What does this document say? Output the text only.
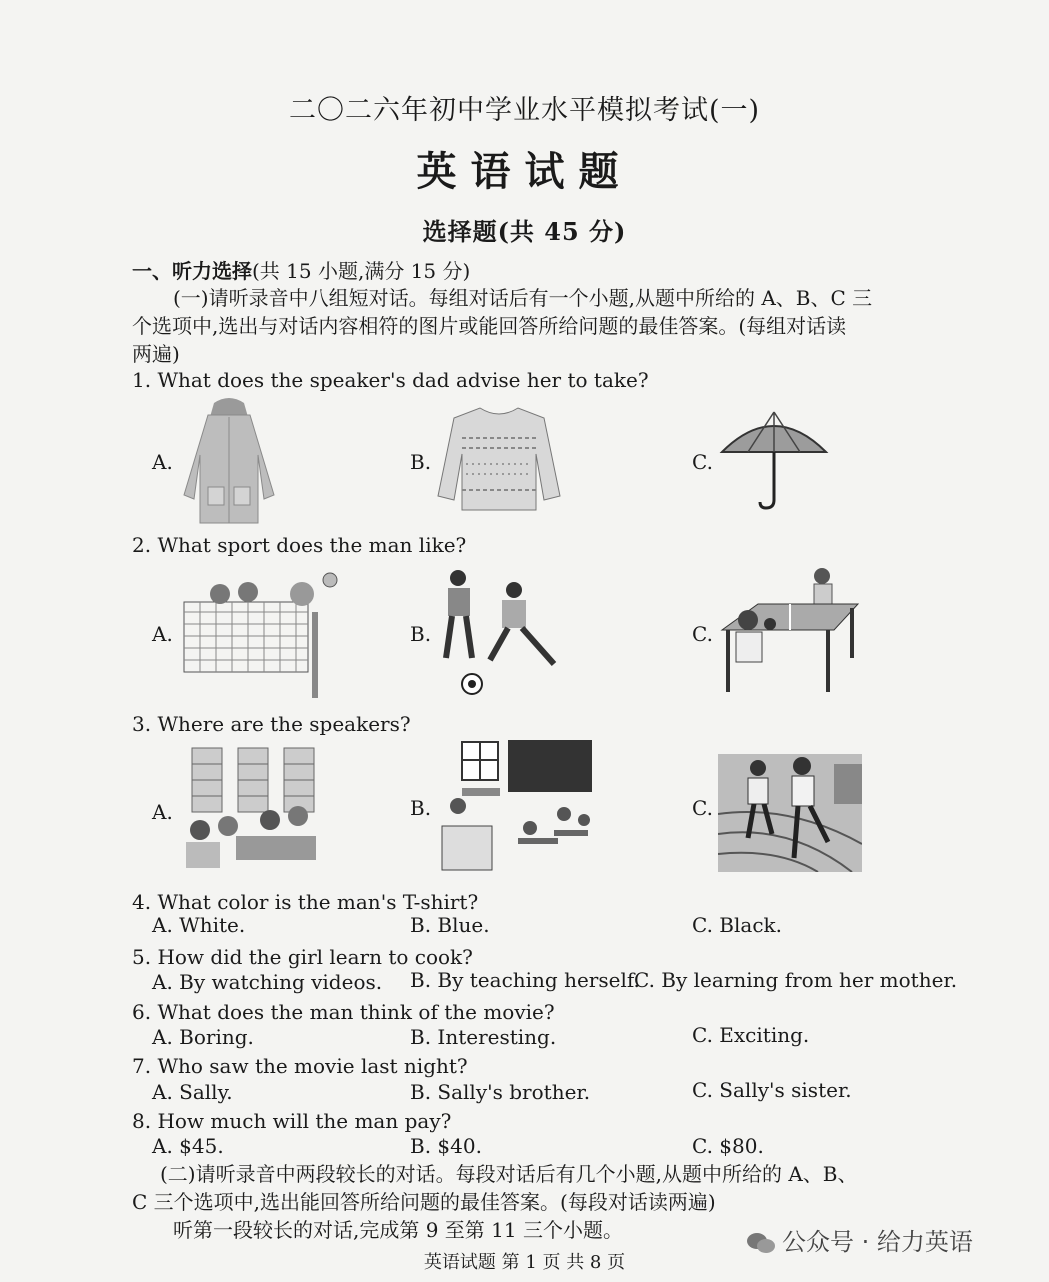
二〇二六年初中学业水平模拟考试(一)
英语试题
选择题(共 45 分)
一、听力选择(共 15 小题,满分 15 分)
(一)请听录音中八组短对话。每组对话后有一个小题,从题中所给的 A、B、C 三
个选项中,选出与对话内容相符的图片或能回答所给问题的最佳答案。(每组对话读
两遍)
1. What does the speaker's dad advise her to take?
A.	B.	C.
2. What sport does the man like?
A.	B.	C.
3. Where are the speakers?
A.	B.	C.
4. What color is the man's T-shirt?
A. White.	B. Blue.	C. Black.
5. How did the girl learn to cook?
A. By watching videos. B. By teaching herself.
C. By learning from her mother.
6. What does the man think of the movie?
A. Boring.	B. Interesting.	C. Exciting.
7. Who saw the movie last night?
A. Sally.	B. Sally's brother.	C. Sally's sister.
8. How much will the man pay?
A. $45.	B. $40.	C. $80.
(二)请听录音中两段较长的对话。每段对话后有几个小题,从题中所给的 A、B、
C 三个选项中,选出能回答所给问题的最佳答案。(每段对话读两遍)
听第一段较长的对话,完成第 9 至第 11 三个小题。	公众号 · 给力英语
英语试题 第 1 页 共 8 页
